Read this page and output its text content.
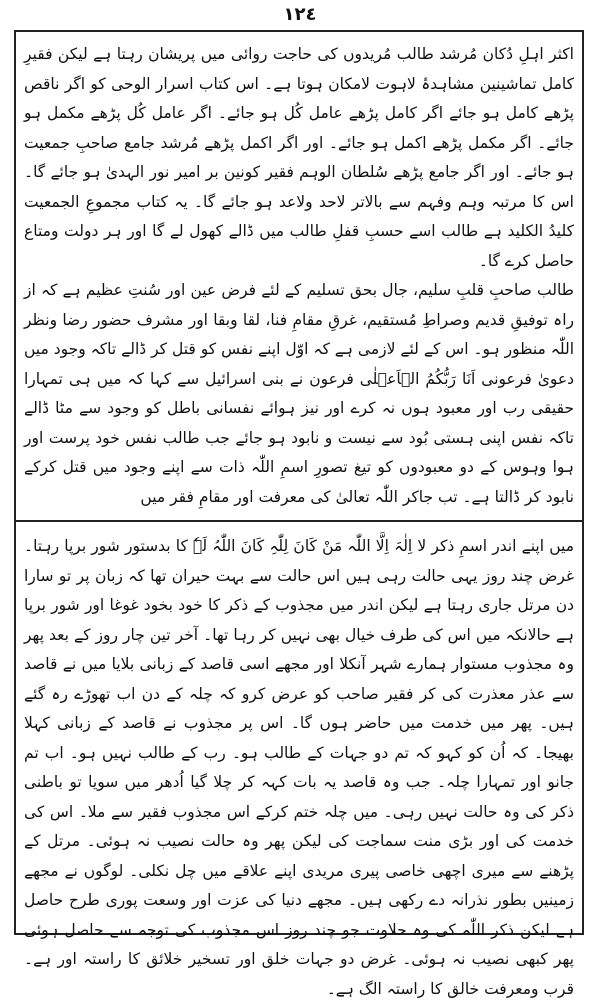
١٢٤

اکثر اہلِ دُکان مُرشد طالب مُریدوں کی حاجت روائی میں پریشان رہتا ہے لیکن فقیرِ کامل تماشینین مشاہدۂ لاہوت لامکان ہوتا ہے۔ اس کتاب اسرار الوحی کو اگر ناقص پڑھے کامل ہو جائے اگر کامل پڑھے عامل کُل ہو جائے۔ اگر عامل کُل پڑھے مکمل ہو جائے۔ اگر مکمل پڑھے اکمل ہو جائے۔ اور اگر اکمل پڑھے مُرشد جامع صاحبِ جمعیت ہو جائے۔ اور اگر جامع پڑھے سُلطان الوہم فقیر کونین بر امیر نور الہدیٰ ہو جائے گا۔ اس کا مرتبہ وہم وفہم سے بالاتر لاحد ولاعد ہو جائے گا۔ یہ کتاب مجموعِ الجمعیت کلیدُ الکلید ہے طالب اسے حسبِ قفلِ طالب میں ڈالے کھول لے گا اور ہر دولت ومتاع حاصل کرے گا۔

طالب صاحبِ قلبِ سلیم، جال بحق تسلیم کے لئے فرض عین اور سُنتِ عظیم ہے کہ از راہ توفیقِ قدیم وصراطِ مُستقیم، غرقِ مقامِ فنا، لقا وبقا اور مشرف حضور رضا ونظر اللّٰہ منظور ہو۔ اس کے لئے لازمی ہے کہ اوّل اپنے نفس کو قتل کر ڈالے تاکہ وجود میں دعویٰ فرعونی اَنَا رَبُّکُمُ الۡاَعۡلٰی فرعون نے بنی اسرائیل سے کہا کہ میں ہی تمہارا حقیقی رب اور معبود ہوں نہ کرے اور نیز ہوائے نفسانی باطل کو وجود سے مٹا ڈالے تاکہ نفس اپنی ہستی بُود سے نیست و نابود ہو جائے جب طالب نفس خود پرست اور ہوا وہوس کے دو معبودوں کو تیغ تصورِ اسمِ اللّٰہ ذات سے اپنے وجود میں قتل کرکے نابود کر ڈالتا ہے۔ تب جاکر اللّٰہ تعالیٰ کی معرفت اور مقامِ فقر میں

میں اپنے اندر اسمِ ذکر لا اِلٰہَ اِلَّا اللّٰہ مَنْ کَانَ لِلّٰہِ کَانَ اللّٰہُ لَہٗ کا بدستور شور برپا رہتا۔ غرض چند روز یہی حالت رہی ہیں اس حالت سے بہت حیران تھا کہ زبان پر تو سارا دن مرتل جاری رہتا ہے لیکن اندر میں مجذوب کے ذکر کا خود بخود غوغا اور شور برپا ہے حالانکہ میں اس کی طرف خیال بھی نہیں کر رہا تھا۔ آخر تین چار روز کے بعد پھر وہ مجذوب مستوار ہمارے شہر آنکلا اور مجھے اسی قاصد کے زبانی بلایا میں نے قاصد سے عذر معذرت کی کر فقیر صاحب کو عرض کرو کہ چلہ کے دن اب تھوڑے رہ گئے ہیں۔ پھر میں خدمت میں حاضر ہوں گا۔ اس پر مجذوب نے قاصد کے زبانی کہلا بھیجا۔ کہ اُن کو کہو کہ تم دو جہات کے طالب ہو۔ رب کے طالب نہیں ہو۔ اب تم جانو اور تمہارا چلہ۔ جب وہ قاصد یہ بات کہہ کر چلا گیا اُدھر میں سویا تو باطنی ذکر کی وہ حالت نہیں رہی۔ میں چلہ ختم کرکے اس مجذوب فقیر سے ملا۔ اس کی خدمت کی اور بڑی منت سماجت کی لیکن پھر وہ حالت نصیب نہ ہوئی۔ مرتل کے پڑھنے سے میری اچھی خاصی پیری مریدی اپنے علاقے میں چل نکلی۔ لوگوں نے مجھے زمینیں بطور نذرانہ دے رکھی ہیں۔ مجھے دنیا کی عزت اور وسعت پوری طرح حاصل ہے لیکن ذکر اللّٰہ کی وہ حلاوت جو چند روز اس مجذوب کی توجہ سے حاصل ہوئی پھر کبھی نصیب نہ ہوئی۔ غرض دو جہات خلق اور تسخیر خلائق کا راستہ اور ہے۔ قرب ومعرفت خالق کا راستہ الگ ہے۔
